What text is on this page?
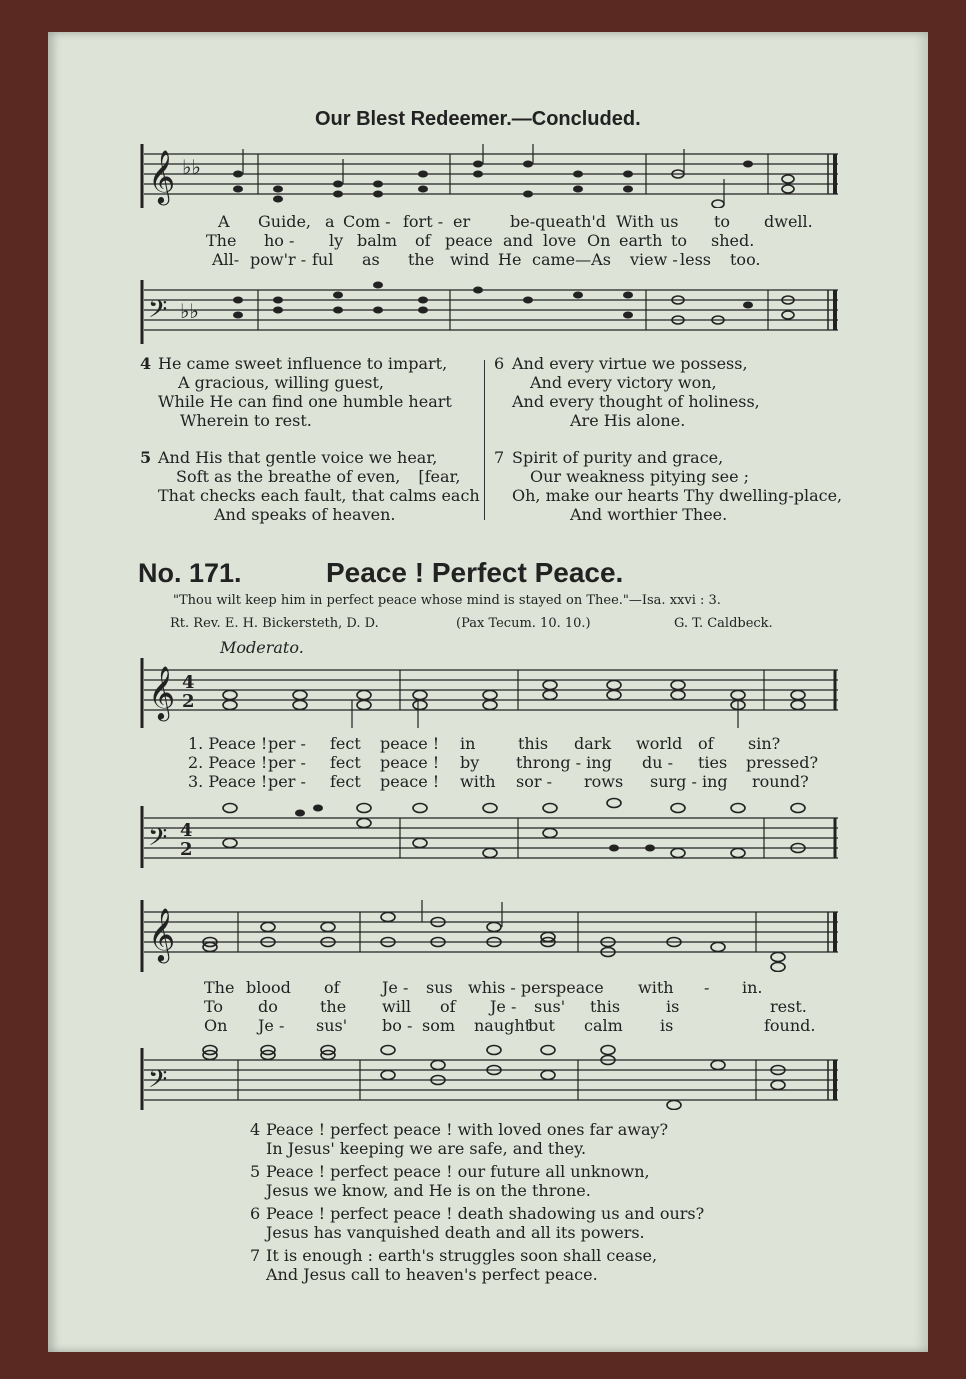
Our Blest Redeemer.—Concluded.
𝄞 ♭♭
A Guide, a Com - fort - er be-queath'd With us to dwell.
The ho - ly balm of peace and love On earth to shed.
All- pow'r - ful as the wind He came—As view - less too.
𝄢 ♭♭
4 He came sweet influence to impart,
A gracious, willing guest,
While He can find one humble heart
Wherein to rest.
5 And His that gentle voice we hear,
Soft as the breathe of even, [fear,
That checks each fault, that calms each
And speaks of heaven.
6 And every virtue we possess,
And every victory won,
And every thought of holiness,
Are His alone.
7 Spirit of purity and grace,
Our weakness pitying see ;
Oh, make our hearts Thy dwelling-place,
And worthier Thee.
No. 171.	Peace ! Perfect Peace.
"Thou wilt keep him in perfect peace whose mind is stayed on Thee."—Isa. xxvi : 3.
Rt. Rev. E. H. Bickersteth, D. D.	(Pax Tecum. 10. 10.)	G. T. Caldbeck.
Moderato.
𝄞 4
2
1. Peace !per - fect peace ! in	this dark world of sin?
2. Peace !per - fect peace ! by throng - ing du - ties pressed?
3. Peace !per - fect peace ! with sor - rows surg - ing round?
𝄢 4
2
𝄞
The blood of	Je - sus whis - perspeace with - in.
To do	the will of Je - sus' this	is	rest.
On Je - sus' bo - som naughtbut calm is	found.
𝄢
4 Peace ! perfect peace ! with loved ones far away?
In Jesus' keeping we are safe, and they.
5 Peace ! perfect peace ! our future all unknown,
Jesus we know, and He is on the throne.
6 Peace ! perfect peace ! death shadowing us and ours?
Jesus has vanquished death and all its powers.
7 It is enough : earth's struggles soon shall cease,
And Jesus call to heaven's perfect peace.
